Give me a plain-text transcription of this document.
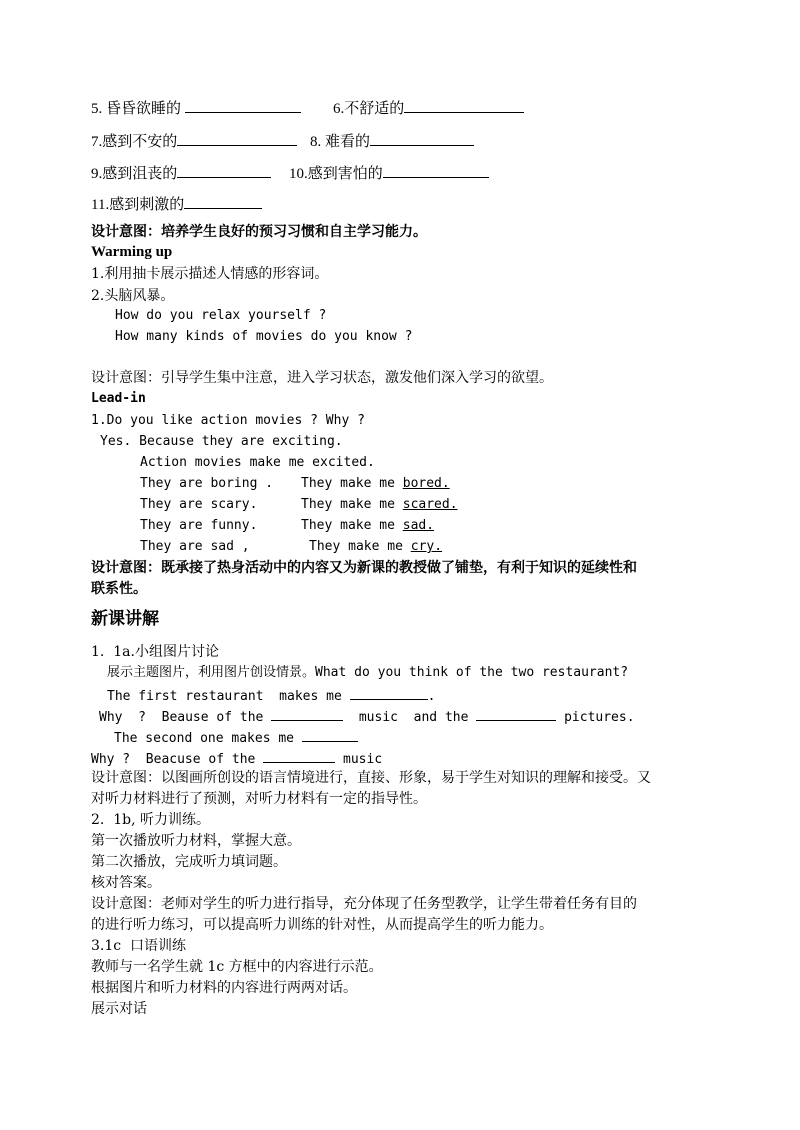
5. 昏昏欲睡的	6.不舒适的
7.感到不安的	8. 难看的
9.感到沮丧的	10.感到害怕的
11.感到刺激的
设计意图：培养学生良好的预习习惯和自主学习能力。
Warming up
1.利用抽卡展示描述人情感的形容词。
2.头脑风暴。
How do you relax yourself ?
How many kinds of movies do you know ?
设计意图：引导学生集中注意，进入学习状态，激发他们深入学习的欲望。
Lead-in
1.Do you like action movies ? Why ?
Yes. Because they are exciting.
Action movies make me excited.
They are boring . They make me bored.
They are scary.	They make me scared.
They are funny.	They make me sad.
They are sad ,	They make me cry.
设计意图：既承接了热身活动中的内容又为新课的教授做了铺垫，有利于知识的延续性和
联系性。
新课讲解
1.  1a.小组图片讨论
展示主题图片，利用图片创设情景。What do you think of the two restaurant?
The first restaurant  makes me	.
Why  ?  Beause of the	music  and the	pictures.
The second one makes me
Why ?  Beacuse of the	music
设计意图：以图画所创设的语言情境进行，直接、形象，易于学生对知识的理解和接受。又
对听力材料进行了预测，对听力材料有一定的指导性。
2.  1b, 听力训练。
第一次播放听力材料，掌握大意。
第二次播放，完成听力填词题。
核对答案。
设计意图：老师对学生的听力进行指导，充分体现了任务型教学，让学生带着任务有目的
的进行听力练习，可以提高听力训练的针对性，从而提高学生的听力能力。
3.1c  口语训练
教师与一名学生就 1c 方框中的内容进行示范。
根据图片和听力材料的内容进行两两对话。
展示对话
